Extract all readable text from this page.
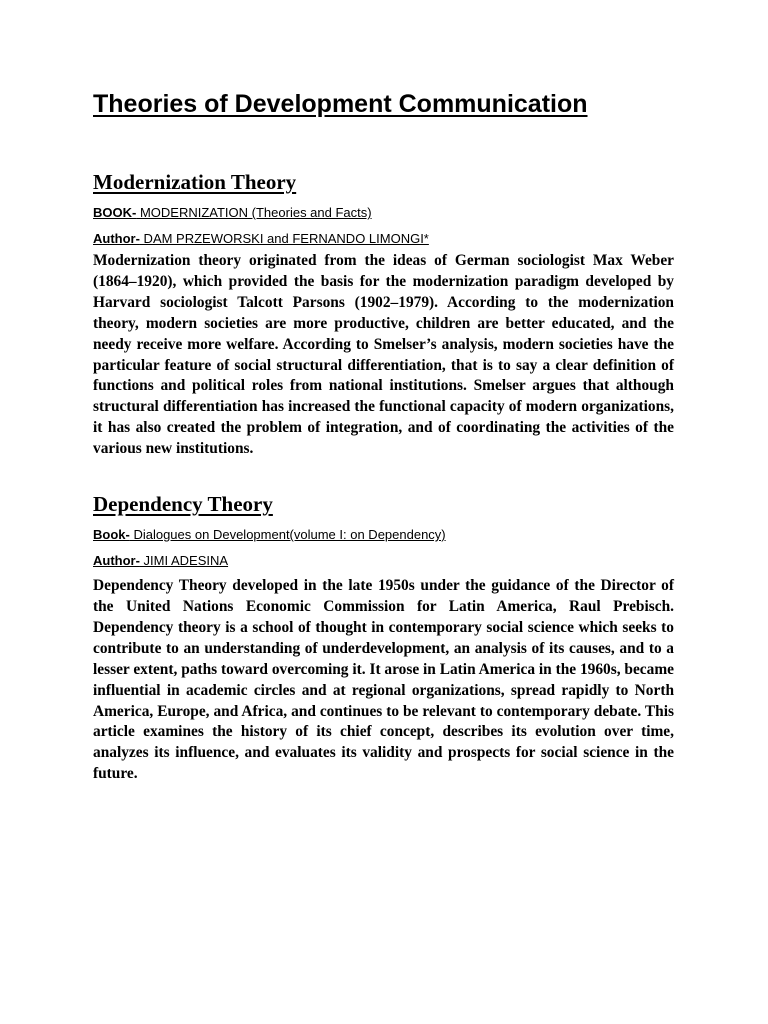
Theories of Development Communication
Modernization Theory

BOOK- MODERNIZATION (Theories and Facts)

Author- DAM PRZEWORSKI and FERNANDO LIMONGI*

Modernization theory originated from the ideas of German sociologist Max Weber (1864–1920), which provided the basis for the modernization paradigm developed by Harvard sociologist Talcott Parsons (1902–1979). According to the modernization theory, modern societies are more productive, children are better educated, and the needy receive more welfare. According to Smelser’s analysis, modern societies have the particular feature of social structural differentiation, that is to say a clear definition of functions and political roles from national institutions. Smelser argues that although structural differentiation has increased the functional capacity of modern organizations, it has also created the problem of integration, and of coordinating the activities of the various new institutions.

Dependency Theory

Book- Dialogues on Development(volume I: on Dependency)

Author- JIMI ADESINA

Dependency Theory developed in the late 1950s under the guidance of the Director of the United Nations Economic Commission for Latin America, Raul Prebisch. Dependency theory is a school of thought in contemporary social science which seeks to contribute to an understanding of underdevelopment, an analysis of its causes, and to a lesser extent, paths toward overcoming it. It arose in Latin America in the 1960s, became influential in academic circles and at regional organizations, spread rapidly to North America, Europe, and Africa, and continues to be relevant to contemporary debate. This article examines the history of its chief concept, describes its evolution over time, analyzes its influence, and evaluates its validity and prospects for social science in the future.
